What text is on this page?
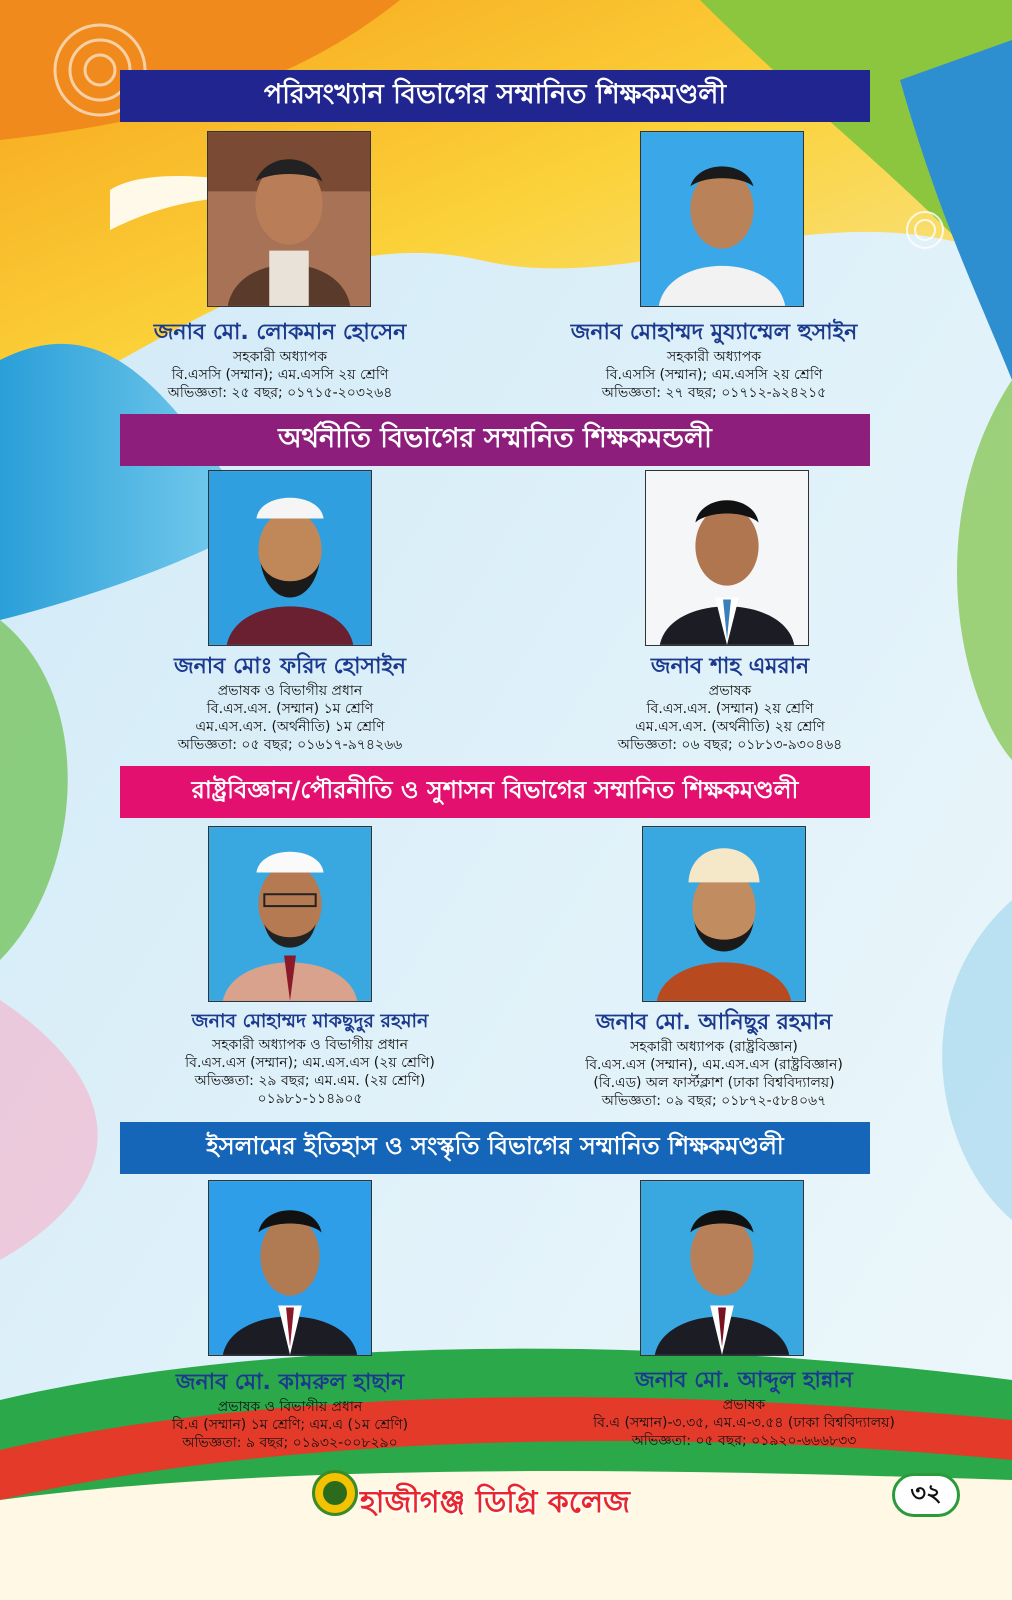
পরিসংখ্যান বিভাগের সম্মানিত শিক্ষকমণ্ডলী
জনাব মো. লোকমান হোসেন
সহকারী অধ্যাপক
বি.এসসি (সম্মান); এম.এসসি ২য় শ্রেণি
অভিজ্ঞতা: ২৫ বছর; ০১৭১৫-২০৩২৬৪
জনাব মোহাম্মদ মুয্যাম্মেল হুসাইন
সহকারী অধ্যাপক
বি.এসসি (সম্মান); এম.এসসি ২য় শ্রেণি
অভিজ্ঞতা: ২৭ বছর; ০১৭১২-৯২৪২১৫
অর্থনীতি বিভাগের সম্মানিত শিক্ষকমন্ডলী
জনাব মোঃ ফরিদ হোসাইন
প্রভাষক ও বিভাগীয় প্রধান
বি.এস.এস. (সম্মান) ১ম শ্রেণি
এম.এস.এস. (অর্থনীতি) ১ম শ্রেণি
অভিজ্ঞতা: ০৫ বছর; ০১৬১৭-৯৭৪২৬৬
জনাব শাহ এমরান
প্রভাষক
বি.এস.এস. (সম্মান) ২য় শ্রেণি
এম.এস.এস. (অর্থনীতি) ২য় শ্রেণি
অভিজ্ঞতা: ০৬ বছর; ০১৮১৩-৯৩০৪৬৪
রাষ্ট্রবিজ্ঞান/পৌরনীতি ও সুশাসন বিভাগের সম্মানিত শিক্ষকমণ্ডলী
জনাব মোহাম্মদ মাকছুদুর রহমান
সহকারী অধ্যাপক ও বিভাগীয় প্রধান
বি.এস.এস (সম্মান); এম.এস.এস (২য় শ্রেণি)
অভিজ্ঞতা: ২৯ বছর; এম.এম. (২য় শ্রেণি)
০১৯৮১-১১৪৯০৫
জনাব মো. আনিছুর রহমান
সহকারী অধ্যাপক (রাষ্ট্রবিজ্ঞান)
বি.এস.এস (সম্মান), এম.এস.এস (রাষ্ট্রবিজ্ঞান)
(বি.এড) অল ফার্স্টক্লাশ (ঢাকা বিশ্ববিদ্যালয়)
অভিজ্ঞতা: ০৯ বছর; ০১৮৭২-৫৮৪০৬৭
ইসলামের ইতিহাস ও সংস্কৃতি বিভাগের সম্মানিত শিক্ষকমণ্ডলী
জনাব মো. কামরুল হাছান
প্রভাষক ও বিভাগীয় প্রধান
বি.এ (সম্মান) ১ম শ্রেণি; এম.এ (১ম শ্রেণি)
অভিজ্ঞতা: ৯ বছর; ০১৯৩২-০০৮২৯০
জনাব মো. আব্দুল হান্নান
প্রভাষক
বি.এ (সম্মান)-৩.৩৫, এম.এ-৩.৫৪ (ঢাকা বিশ্ববিদ্যালয়)
অভিজ্ঞতা: ০৫ বছর; ০১৯২০-৬৬৬৮৩৩
হাজীগঞ্জ ডিগ্রি কলেজ	৩২
